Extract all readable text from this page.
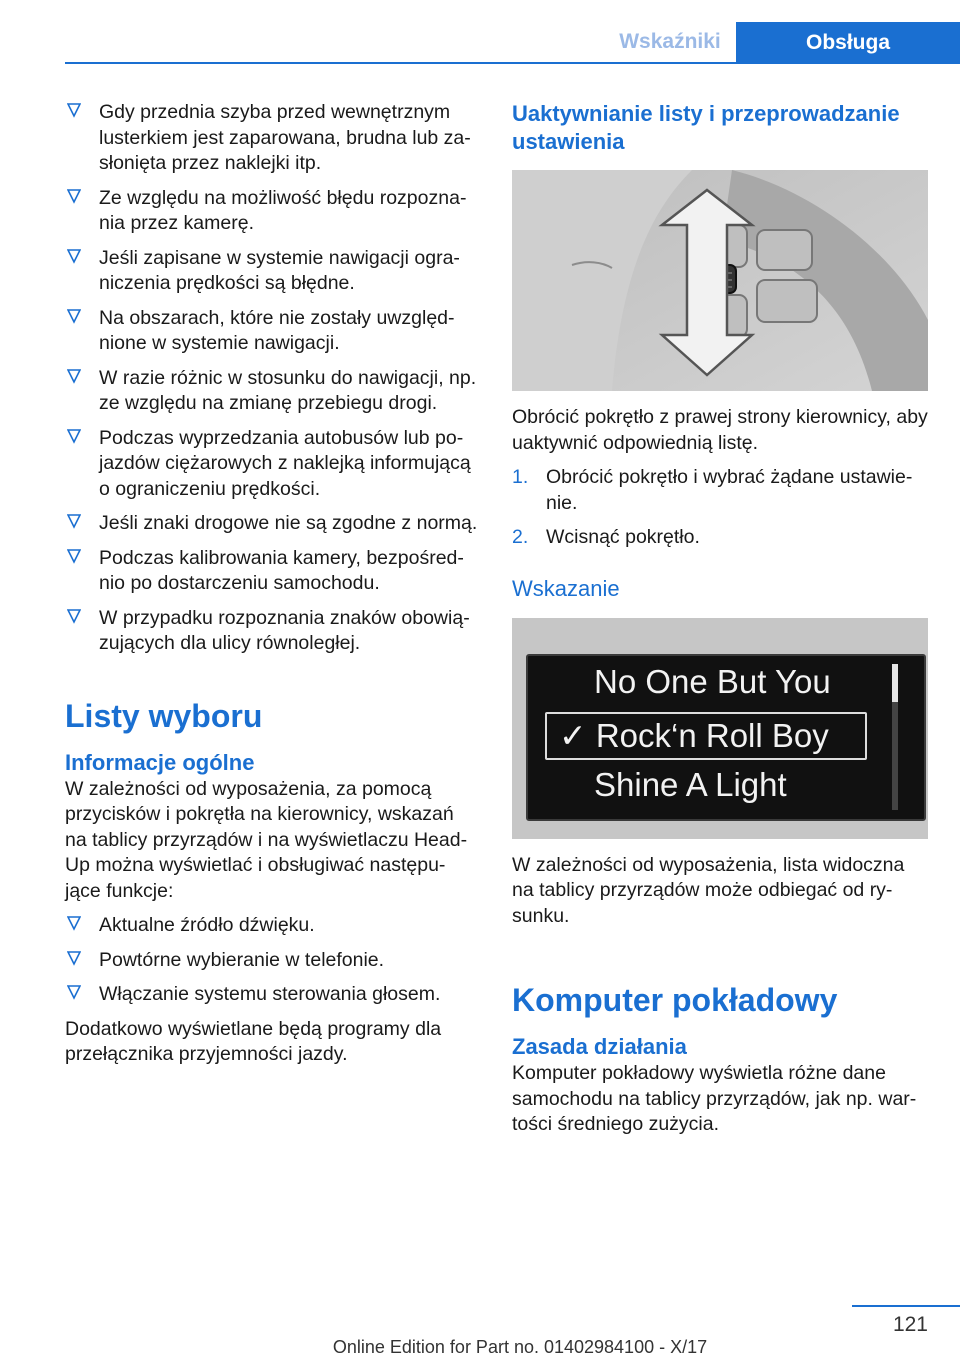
Wskaźniki	Obsługa
Gdy przednia szyba przed wewnętrznym lusterkiem jest zaparowana, brudna lub za-słonięta przez naklejki itp.
Ze względu na możliwość błędu rozpozna-nia przez kamerę.
Jeśli zapisane w systemie nawigacji ogra-niczenia prędkości są błędne.
Na obszarach, które nie zostały uwzględ-nione w systemie nawigacji.
W razie różnic w stosunku do nawigacji, np. ze względu na zmianę przebiegu drogi.
Podczas wyprzedzania autobusów lub po-jazdów ciężarowych z naklejką informującą o ograniczeniu prędkości.
Jeśli znaki drogowe nie są zgodne z normą.
Podczas kalibrowania kamery, bezpośred-nio po dostarczeniu samochodu.
W przypadku rozpoznania znaków obowią-zujących dla ulicy równoległej.
Listy wyboru
Informacje ogólne

W zależności od wyposażenia, za pomocą przycisków i pokrętła na kierownicy, wskazań na tablicy przyrządów i na wyświetlaczu Head-Up można wyświetlać i obsługiwać następu-jące funkcje:

Aktualne źródło dźwięku.
Powtórne wybieranie w telefonie.
Włączanie systemu sterowania głosem.

Dodatkowo wyświetlane będą programy dla przełącznika przyjemności jazdy.

Uaktywnianie listy i przeprowadzanie ustawienia

Obrócić pokrętło z prawej strony kierownicy, aby uaktywnić odpowiednią listę.

1. Obrócić pokrętło i wybrać żądane ustawie-nie.
2. Wcisnąć pokrętło.
Wskazanie
No One But You
✓ Rock‘n Roll Boy
Shine A Light

W zależności od wyposażenia, lista widoczna na tablicy przyrządów może odbiegać od ry-sunku.

Komputer pokładowy
Zasada działania

Komputer pokładowy wyświetla różne dane samochodu na tablicy przyrządów, jak np. war-tości średniego zużycia.

121
Online Edition for Part no. 01402984100 - X/17
